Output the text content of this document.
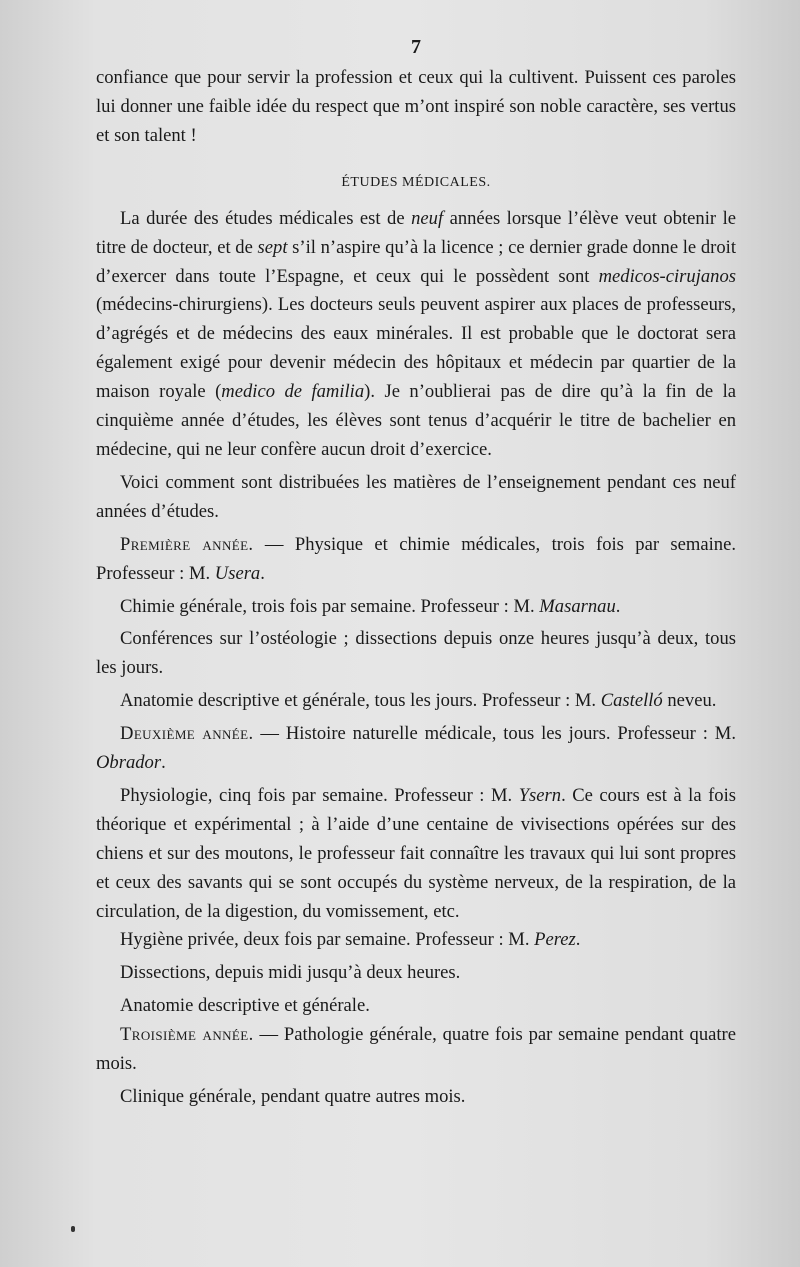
7

confiance que pour servir la profession et ceux qui la cultivent. Puissent ces paroles lui donner une faible idée du respect que m’ont inspiré son noble caractère, ses vertus et son talent !

ÉTUDES MÉDICALES.

La durée des études médicales est de neuf années lorsque l’élève veut obtenir le titre de docteur, et de sept s’il n’aspire qu’à la licence ; ce dernier grade donne le droit d’exercer dans toute l’Espagne, et ceux qui le possèdent sont medicos-cirujanos (médecins-chirurgiens). Les docteurs seuls peuvent aspirer aux places de professeurs, d’agrégés et de médecins des eaux minérales. Il est probable que le doctorat sera également exigé pour devenir médecin des hôpitaux et médecin par quartier de la maison royale (medico de familia). Je n’oublierai pas de dire qu’à la fin de la cinquième année d’études, les élèves sont tenus d’acquérir le titre de bachelier en médecine, qui ne leur confère aucun droit d’exercice.

Voici comment sont distribuées les matières de l’enseignement pendant ces neuf années d’études.

Première année. — Physique et chimie médicales, trois fois par semaine. Professeur : M. Usera.

Chimie générale, trois fois par semaine. Professeur : M. Masarnau.

Conférences sur l’ostéologie ; dissections depuis onze heures jusqu’à deux, tous les jours.

Anatomie descriptive et générale, tous les jours. Professeur : M. Castelló neveu.

Deuxième année. — Histoire naturelle médicale, tous les jours. Professeur : M. Obrador.

Physiologie, cinq fois par semaine. Professeur : M. Ysern. Ce cours est à la fois théorique et expérimental ; à l’aide d’une centaine de vivisections opérées sur des chiens et sur des moutons, le professeur fait connaître les travaux qui lui sont propres et ceux des savants qui se sont occupés du système nerveux, de la respiration, de la circulation, de la digestion, du vomissement, etc.

Hygiène privée, deux fois par semaine. Professeur : M. Perez.

Dissections, depuis midi jusqu’à deux heures.

Anatomie descriptive et générale.

Troisième année. — Pathologie générale, quatre fois par semaine pendant quatre mois.

Clinique générale, pendant quatre autres mois.
